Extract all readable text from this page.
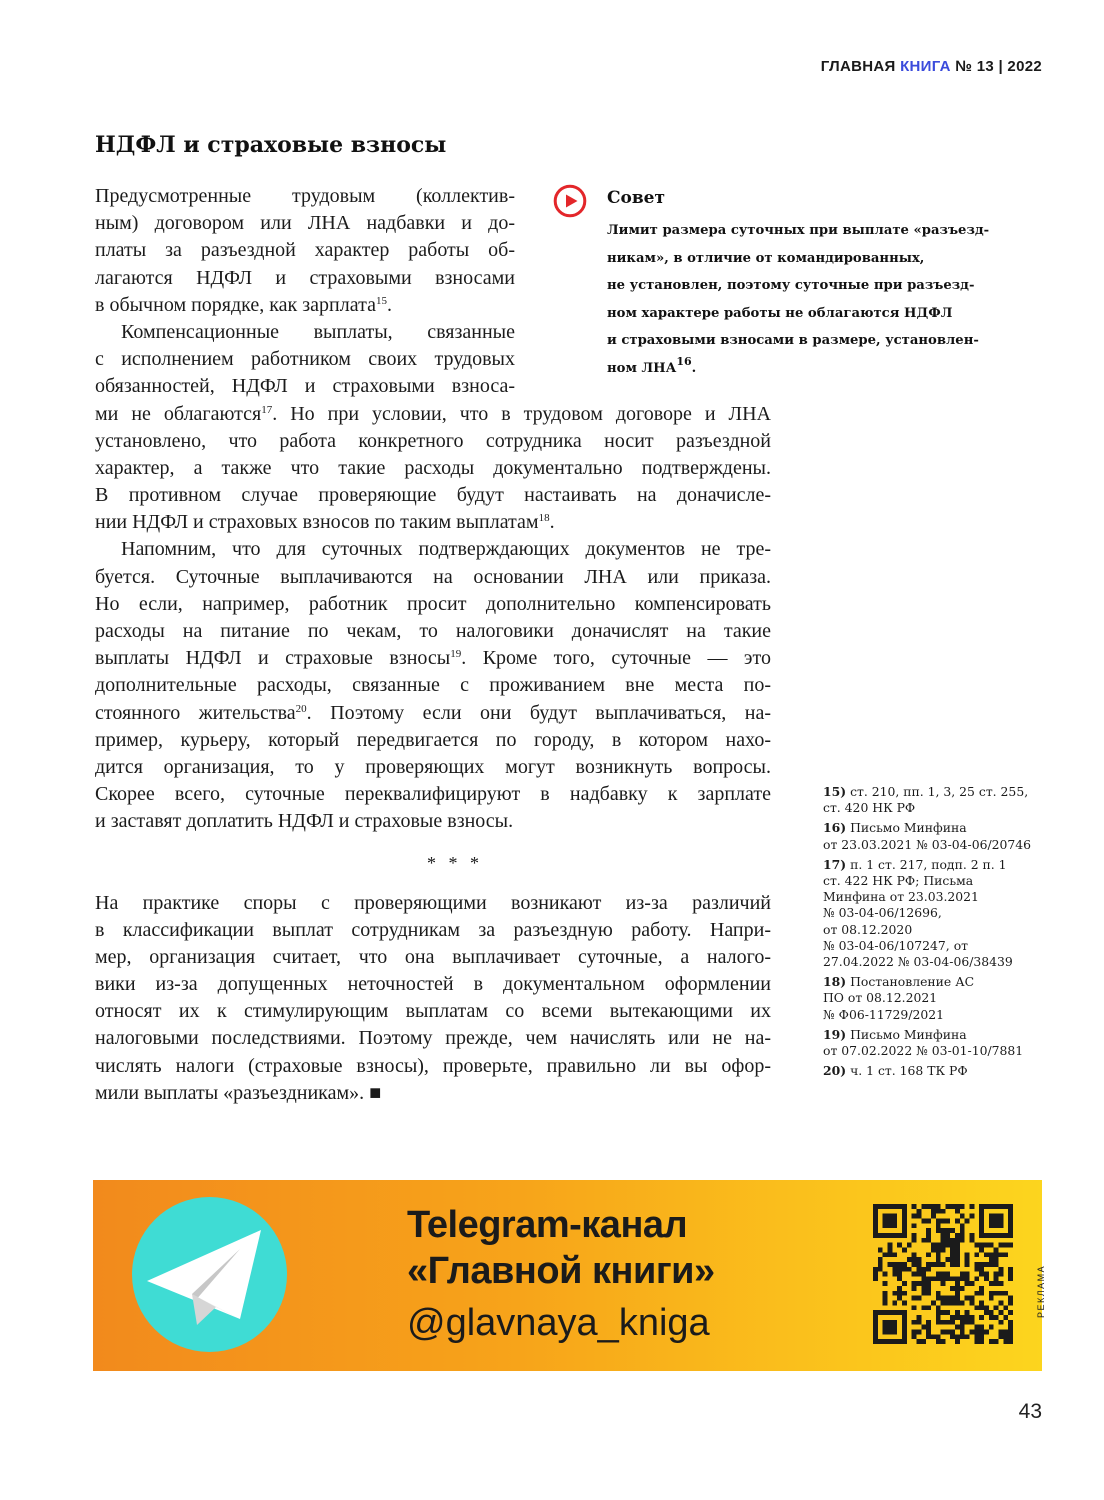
ГЛАВНАЯ КНИГА № 13 | 2022
НДФЛ и страховые взносы

Совет

Лимит размера суточных при выплате «разъезд-
никам», в отличие от командированных,
не установлен, поэтому суточные при разъезд-
ном характере работы не облагаются НДФЛ
и страховыми взносами в размере, установлен-
ном ЛНА$^{16}$.

Предусмотренные трудовым (коллектив-
ным) договором или ЛНА надбавки и до-
платы за разъездной характер работы об-
лагаются НДФЛ и страховыми взносами
в обычном порядке, как зарплата$^{15}$.
Компенсационные выплаты, связанные
с исполнением работником своих трудовых
обязанностей, НДФЛ и страховыми взноса-
ми не облагаются$^{17}$. Но при условии, что в трудовом договоре и ЛНА
установлено, что работа конкретного сотрудника носит разъездной
характер, а также что такие расходы документально подтверждены.
В противном случае проверяющие будут настаивать на доначисле-
нии НДФЛ и страховых взносов по таким выплатам$^{18}$.
Напомним, что для суточных подтверждающих документов не тре-
буется. Суточные выплачиваются на основании ЛНА или приказа.
Но если, например, работник просит дополнительно компенсировать
расходы на питание по чекам, то налоговики доначислят на такие
выплаты НДФЛ и страховые взносы$^{19}$. Кроме того, суточные — это
дополнительные расходы, связанные с проживанием вне места по-
стоянного жительства$^{20}$. Поэтому если они будут выплачиваться, на-
пример, курьеру, который передвигается по городу, в котором нахо-
дится организация, то у проверяющих могут возникнуть вопросы.
Скорее всего, суточные переквалифицируют в надбавку к зарплате
и заставят доплатить НДФЛ и страховые взносы.
* * *
На практике споры с проверяющими возникают из-за различий
в классификации выплат сотрудникам за разъездную работу. Напри-
мер, организация считает, что она выплачивает суточные, а налого-
вики из-за допущенных неточностей в документальном оформлении
относят их к стимулирующим выплатам со всеми вытекающими их
налоговыми последствиями. Поэтому прежде, чем начислять или не на-
числять налоги (страховые взносы), проверьте, правильно ли вы офор-
мили выплаты «разъездникам». ■
15) ст. 210, пп. 1, 3, 25 ст. 255,
ст. 420 НК РФ
16) Письмо Минфина
от 23.03.2021 № 03-04-06/20746
17) п. 1 ст. 217, подп. 2 п. 1
ст. 422 НК РФ; Письма
Минфина от 23.03.2021
№ 03-04-06/12696,
от 08.12.2020
№ 03-04-06/107247, от
27.04.2022 № 03-04-06/38439
18) Постановление АС
ПО от 08.12.2021
№ Ф06-11729/2021
19) Письмо Минфина
от 07.02.2022 № 03-01-10/7881
20) ч. 1 ст. 168 ТК РФ
Telegram-канал
«Главной книги»
@glavnaya_kniga
РЕКЛАМА
43
